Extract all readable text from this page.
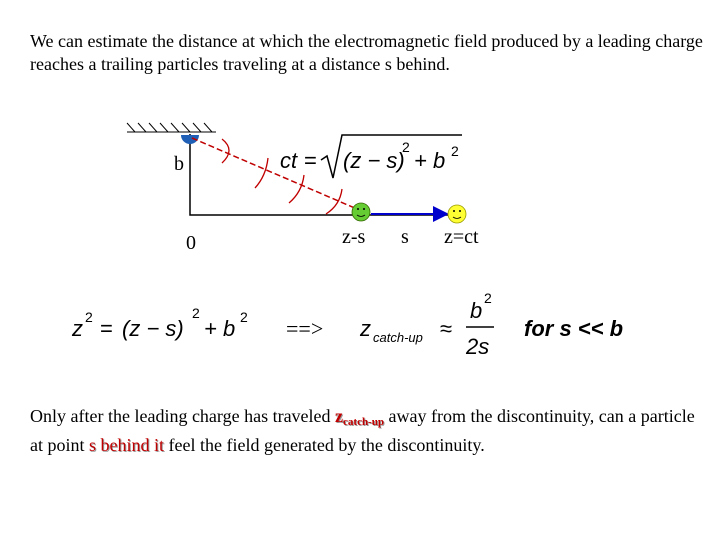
We can estimate the distance at which the electromagnetic field produced by a leading charge reaches a trailing particles traveling at a distance s behind.

b
0	z-s s z=ct
ct = (z − s)
2
+ b 2
z 2 = (z − s)
2
+ b 2 ==> z catch-up ≈
b 2
2s
for s << b

Only after the leading charge has traveled zcatch-up away from the discontinuity, can a particle at point s behind it feel the field generated by the discontinuity.
